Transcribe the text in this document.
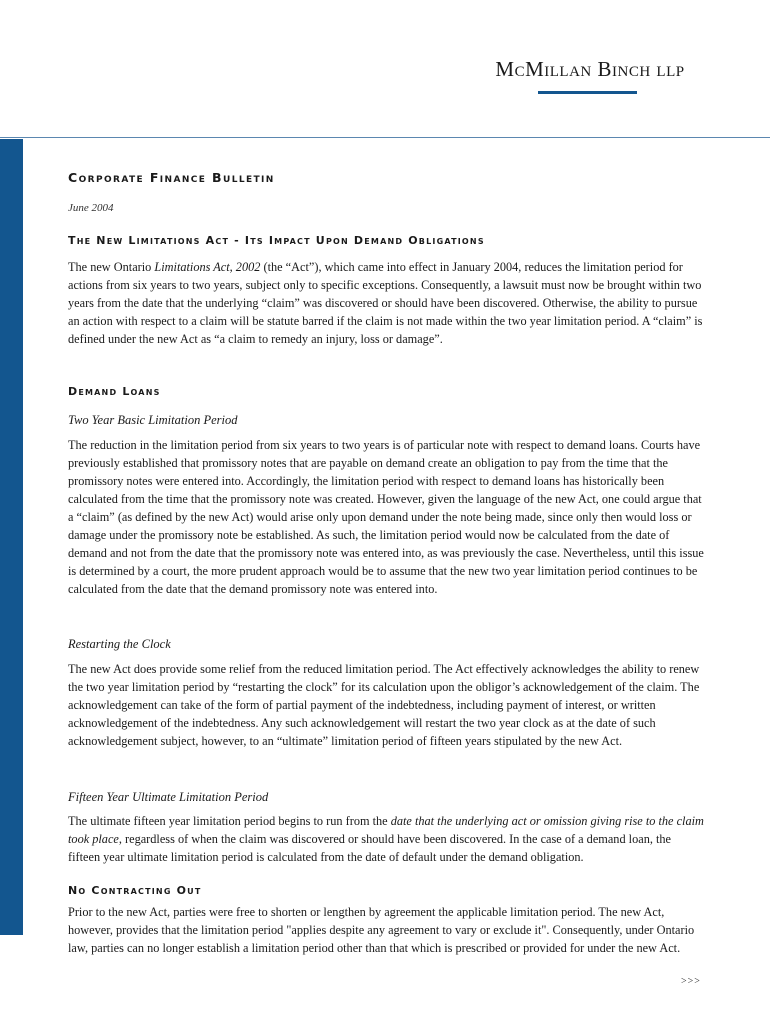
McMillan Binch llp
Corporate Finance Bulletin
June 2004
The New Limitations Act - Its Impact Upon Demand Obligations

The new Ontario Limitations Act, 2002 (the “Act”), which came into effect in January 2004, reduces the limitation period for actions from six years to two years, subject only to specific exceptions. Consequently, a lawsuit must now be brought within two years from the date that the underlying “claim” was discovered or should have been discovered. Otherwise, the ability to pursue an action with respect to a claim will be statute barred if the claim is not made within the two year limitation period. A “claim” is defined under the new Act as “a claim to remedy an injury, loss or damage”.

Demand Loans
Two Year Basic Limitation Period

The reduction in the limitation period from six years to two years is of particular note with respect to demand loans. Courts have previously established that promissory notes that are payable on demand create an obligation to pay from the time that the promissory notes were entered into. Accordingly, the limitation period with respect to demand loans has historically been calculated from the time that the promissory note was created. However, given the language of the new Act, one could argue that a “claim” (as defined by the new Act) would arise only upon demand under the note being made, since only then would loss or damage under the promissory note be established. As such, the limitation period would now be calculated from the date of demand and not from the date that the promissory note was entered into, as was previously the case. Nevertheless, until this issue is determined by a court, the more prudent approach would be to assume that the new two year limitation period continues to be calculated from the date that the demand promissory note was entered into.

Restarting the Clock

The new Act does provide some relief from the reduced limitation period. The Act effectively acknowledges the ability to renew the two year limitation period by “restarting the clock” for its calculation upon the obligor’s acknowledgement of the claim. The acknowledgement can take of the form of partial payment of the indebtedness, including payment of interest, or written acknowledgement of the indebtedness. Any such acknowledgement will restart the two year clock as at the date of such acknowledgement subject, however, to an “ultimate” limitation period of fifteen years stipulated by the new Act.

Fifteen Year Ultimate Limitation Period

The ultimate fifteen year limitation period begins to run from the date that the underlying act or omission giving rise to the claim took place, regardless of when the claim was discovered or should have been discovered. In the case of a demand loan, the fifteen year ultimate limitation period is calculated from the date of default under the demand obligation.

No Contracting Out

Prior to the new Act, parties were free to shorten or lengthen by agreement the applicable limitation period. The new Act, however, provides that the limitation period "applies despite any agreement to vary or exclude it". Consequently, under Ontario law, parties can no longer establish a limitation period other than that which is prescribed or provided for under the new Act.

>>>
